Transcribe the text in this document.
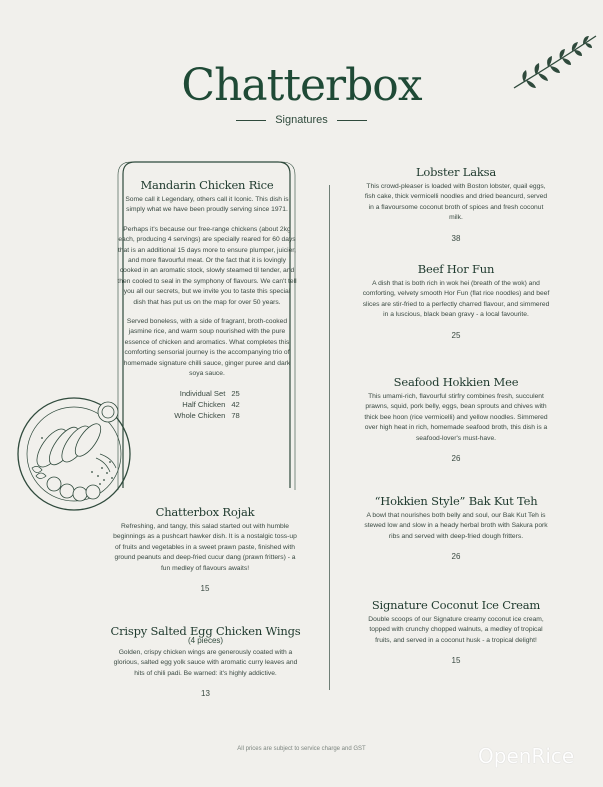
Chatterbox
Signatures
Mandarin Chicken Rice

Some call it Legendary, others call it Iconic. This dish is simply what we have been proudly serving since 1971.

Perhaps it's because our free-range chickens (about 2kg each, producing 4 servings) are specially reared for 60 days that is an additional 15 days more to ensure plumper, juicier, and more flavourful meat. Or the fact that it is lovingly cooked in an aromatic stock, slowly steamed til tender, and then cooled to seal in the symphony of flavours. We can't tell you all our secrets, but we invite you to taste this special dish that has put us on the map for over 50 years.

Served boneless, with a side of fragrant, broth-cooked jasmine rice, and warm soup nourished with the pure essence of chicken and aromatics. What completes this comforting sensorial journey is the accompanying trio of homemade signature chilli sauce, ginger puree and dark soya sauce.

Individual Set	25
Half Chicken	42
Whole Chicken	78
Chatterbox Rojak

Refreshing, and tangy, this salad started out with humble beginnings as a pushcart hawker dish. It is a nostalgic toss-up of fruits and vegetables in a sweet prawn paste, finished with ground peanuts and deep-fried cucur dang (prawn fritters) - a fun medley of flavours awaits!

15
Crispy Salted Egg Chicken Wings
(4 pieces)

Golden, crispy chicken wings are generously coated with a glorious, salted egg yolk sauce with aromatic curry leaves and hits of chili padi. Be warned: it's highly addictive.

13
Lobster Laksa

This crowd-pleaser is loaded with Boston lobster, quail eggs, fish cake, thick vermicelli noodles and dried beancurd, served in a flavoursome coconut broth of spices and fresh coconut milk.

38
Beef Hor Fun

A dish that is both rich in wok hei (breath of the wok) and comforting, velvety smooth Hor Fun (flat rice noodles) and beef slices are stir-fried to a perfectly charred flavour, and simmered in a luscious, black bean gravy - a local favourite.

25
Seafood Hokkien Mee

This umami-rich, flavourful stirfry combines fresh, succulent prawns, squid, pork belly, eggs, bean sprouts and chives with thick bee hoon (rice vermicelli) and yellow noodles. Simmered over high heat in rich, homemade seafood broth, this dish is a seafood-lover's must-have.

26
“Hokkien Style” Bak Kut Teh

A bowl that nourishes both belly and soul, our Bak Kut Teh is stewed low and slow in a heady herbal broth with Sakura pork ribs and served with deep-fried dough fritters.

26
Signature Coconut Ice Cream

Double scoops of our Signature creamy coconut ice cream, topped with crunchy chopped walnuts, a medley of tropical fruits, and served in a coconut husk - a tropical delight!

15
All prices are subject to service charge and GST	OpenRice
